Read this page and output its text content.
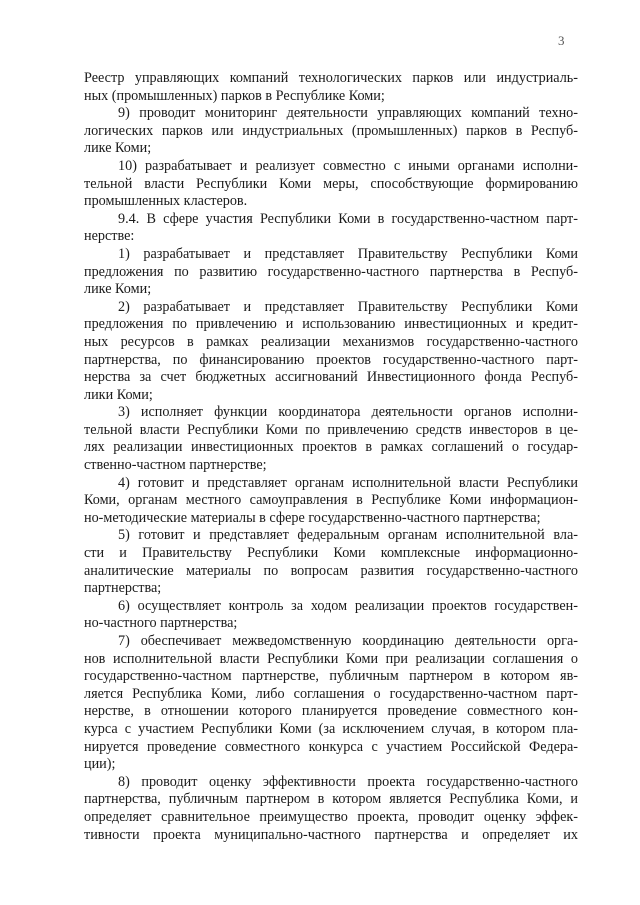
3
Реестр управляющих компаний технологических парков или индустриаль-
ных (промышленных) парков в Республике Коми;
9) проводит мониторинг деятельности управляющих компаний техно-
логических парков или индустриальных (промышленных) парков в Респуб-
лике Коми;
10) разрабатывает и реализует совместно с иными органами исполни-
тельной власти Республики Коми меры, способствующие формированию
промышленных кластеров.
9.4. В сфере участия Республики Коми в государственно-частном парт-
нерстве:
1) разрабатывает и представляет Правительству Республики Коми
предложения по развитию государственно-частного партнерства в Респуб-
лике Коми;
2) разрабатывает и представляет Правительству Республики Коми
предложения по привлечению и использованию инвестиционных и кредит-
ных ресурсов в рамках реализации механизмов государственно-частного
партнерства, по финансированию проектов государственно-частного парт-
нерства за счет бюджетных ассигнований Инвестиционного фонда Респуб-
лики Коми;
3) исполняет функции координатора деятельности органов исполни-
тельной власти Республики Коми по привлечению средств инвесторов в це-
лях реализации инвестиционных проектов в рамках соглашений о государ-
ственно-частном партнерстве;
4) готовит и представляет органам исполнительной власти Республики
Коми, органам местного самоуправления в Республике Коми информацион-
но-методические материалы в сфере государственно-частного партнерства;
5) готовит и представляет федеральным органам исполнительной вла-
сти и Правительству Республики Коми комплексные информационно-
аналитические материалы по вопросам развития государственно-частного
партнерства;
6) осуществляет контроль за ходом реализации проектов государствен-
но-частного партнерства;
7) обеспечивает межведомственную координацию деятельности орга-
нов исполнительной власти Республики Коми при реализации соглашения о
государственно-частном партнерстве, публичным партнером в котором яв-
ляется Республика Коми, либо соглашения о государственно-частном парт-
нерстве, в отношении которого планируется проведение совместного кон-
курса с участием Республики Коми (за исключением случая, в котором пла-
нируется проведение совместного конкурса с участием Российской Федера-
ции);
8) проводит оценку эффективности проекта государственно-частного
партнерства, публичным партнером в котором является Республика Коми, и
определяет сравнительное преимущество проекта, проводит оценку эффек-
тивности проекта муниципально-частного партнерства и определяет их
